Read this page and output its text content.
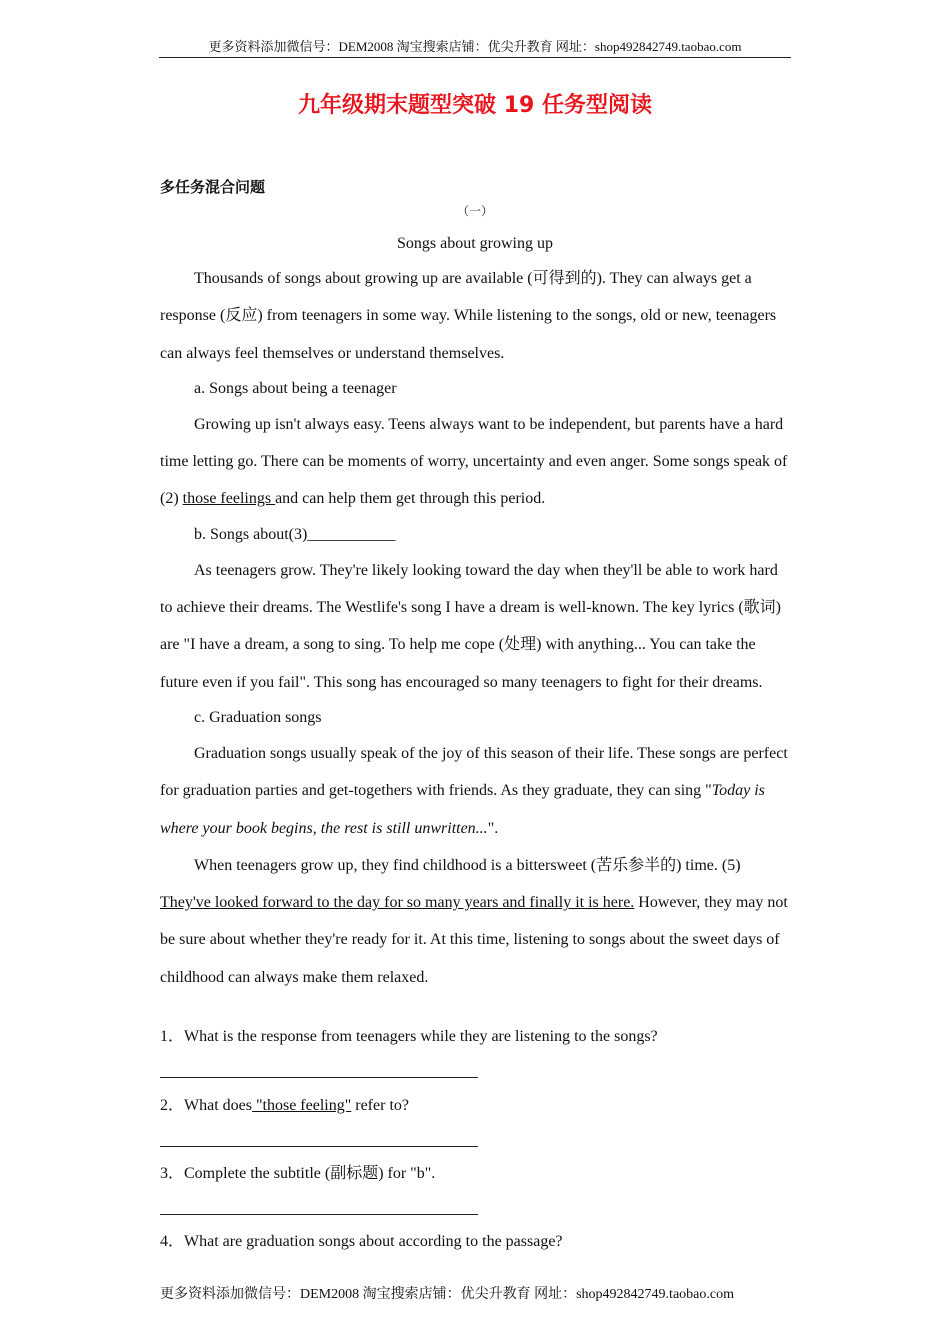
更多资料添加微信号：DEM2008 淘宝搜索店铺：优尖升教育 网址：shop492842749.taobao.com
九年级期末题型突破 19 任务型阅读
多任务混合问题
（一）
Songs about growing up

Thousands of songs about growing up are available (可得到的). They can always get a response (反应) from teenagers in some way. While listening to the songs, old or new, teenagers can always feel themselves or understand themselves.

a. Songs about being a teenager

Growing up isn't always easy. Teens always want to be independent, but parents have a hard time letting go. There can be moments of worry, uncertainty and even anger. Some songs speak of (2) those feelings and can help them get through this period.

b. Songs about(3)___________

As teenagers grow. They're likely looking toward the day when they'll be able to work hard to achieve their dreams. The Westlife's song I have a dream is well-known. The key lyrics (歌词) are "I have a dream, a song to sing. To help me cope (处理) with anything... You can take the future even if you fail". This song has encouraged so many teenagers to fight for their dreams.

c. Graduation songs

Graduation songs usually speak of the joy of this season of their life. These songs are perfect for graduation parties and get-togethers with friends. As they graduate, they can sing "Today is where your book begins, the rest is still unwritten...".

When teenagers grow up, they find childhood is a bittersweet (苦乐参半的) time. (5) They've looked forward to the day for so many years and finally it is here. However, they may not be sure about whether they're ready for it. At this time, listening to songs about the sweet days of childhood can always make them relaxed.

1．What is the response from teenagers while they are listening to the songs?
2．What does "those feeling" refer to?
3．Complete the subtitle (副标题) for "b".
4．What are graduation songs about according to the passage?
更多资料添加微信号：DEM2008 淘宝搜索店铺：优尖升教育 网址：shop492842749.taobao.com
